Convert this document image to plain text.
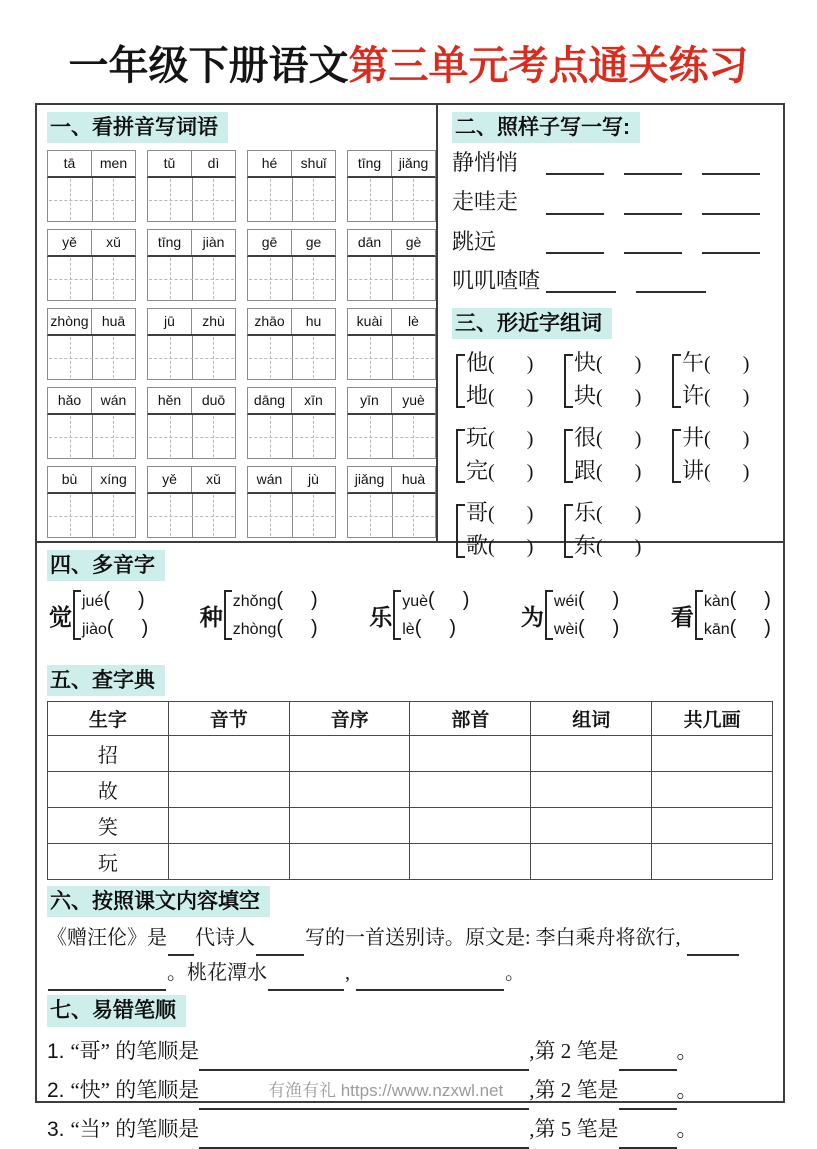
有渔有礼 https://www.nzxwl.net
一年级下册语文第三单元考点通关练习
一、看拼音写词语
tā	men	tǔ	dì	hé	shuǐ	tīng	jiǎng
yě	xǔ	tīng	jiàn	gē	ge	dān	gè
zhòng huā	jū	zhù	zhāo	hu	kuài	lè
hǎo	wán	hěn	duō	dāng	xīn	yīn	yuè
bù	xíng	yě	xǔ	wán	jù	jiǎng	huà
二、照样子写一写:
静悄悄
走哇走
跳远
叽叽喳喳
三、形近字组词
他( )
地( )
快( )
块( )
午( )
许( )
玩( )
完( )
很( )
跟( )
井( )
讲( )
哥( )
歌( )
乐( )
东( )
四、多音字
觉
jué( )
jiào( ) 种
zhǒng( )
zhòng( ) 乐
yuè( )
lè( )	为
wéi( )
wèi( ) 看
kàn( )
kān( )
五、查字典
生字	音节	音序	部首	组词	共几画
招					
故					
笑					
玩					
六、按照课文内容填空
《赠汪伦》是 代诗人	写的一首送别诗。原文是: 李白乘舟将欲行,
。桃花潭水	,	。
七、易错笔顺
1. “哥” 的笔顺是	,第 2 笔是	。
2. “快” 的笔顺是	,第 2 笔是	。
3. “当” 的笔顺是	,第 5 笔是	。
